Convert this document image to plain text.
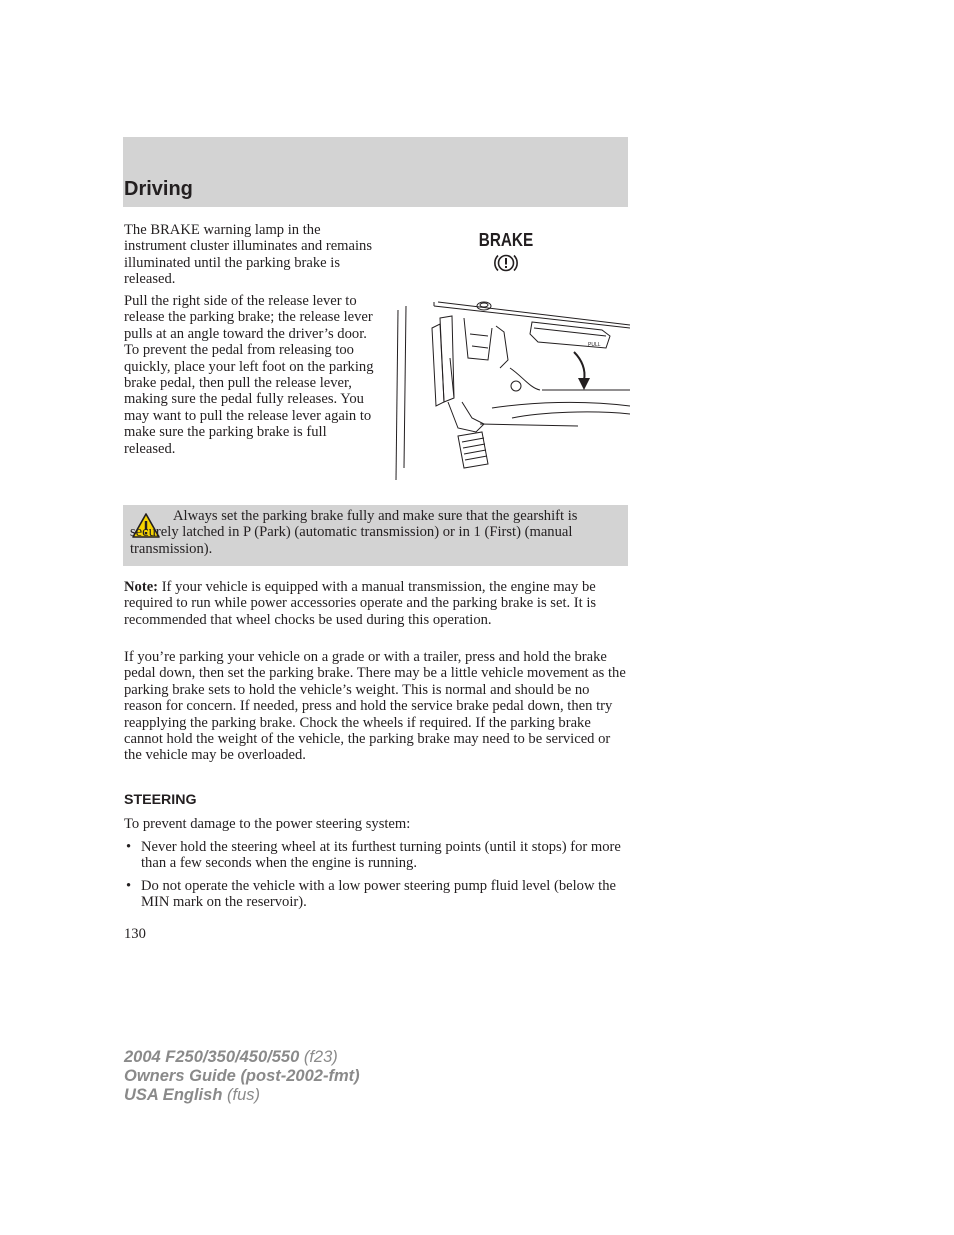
Driving

The BRAKE warning lamp in the instrument cluster illuminates and remains illuminated until the parking brake is released.

Pull the right side of the release lever to release the parking brake; the release lever pulls at an angle toward the driver’s door. To prevent the pedal from releasing too quickly, place your left foot on the parking brake pedal, then pull the release lever, making sure the pedal fully releases. You may want to pull the release lever again to make sure the parking brake is full released.

BRAKE
PULL

Always set the parking brake fully and make sure that the gearshift is securely latched in P (Park) (automatic transmission) or in 1 (First) (manual transmission).

Note: If your vehicle is equipped with a manual transmission, the engine may be required to run while power accessories operate and the parking brake is set. It is recommended that wheel chocks be used during this operation.

If you’re parking your vehicle on a grade or with a trailer, press and hold the brake pedal down, then set the parking brake. There may be a little vehicle movement as the parking brake sets to hold the vehicle’s weight. This is normal and should be no reason for concern. If needed, press and hold the service brake pedal down, then try reapplying the parking brake. Chock the wheels if required. If the parking brake cannot hold the weight of the vehicle, the parking brake may need to be serviced or the vehicle may be overloaded.

STEERING

To prevent damage to the power steering system:

• Never hold the steering wheel at its furthest turning points (until it stops) for more than a few seconds when the engine is running.
• Do not operate the vehicle with a low power steering pump fluid level (below the MIN mark on the reservoir).
130
2004 F250/350/450/550 (f23)
Owners Guide (post-2002-fmt)
USA English (fus)
